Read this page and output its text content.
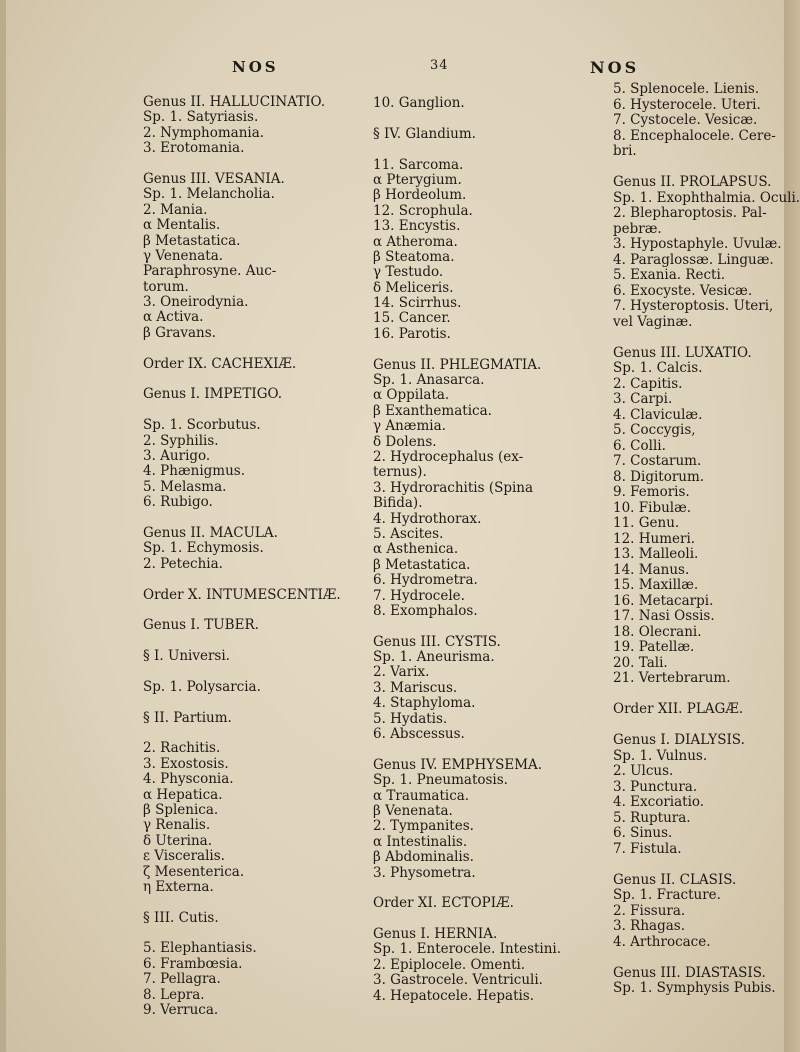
NOS	34	NOS
Genus II. HALLUCINATIO.
Sp. 1. Satyriasis.
2. Nymphomania.
3. Erotomania.
Genus III. VESANIA.
Sp. 1. Melancholia.
2. Mania.
α Mentalis.
β Metastatica.
γ Venenata.
Paraphrosyne. Auc-
torum.
3. Oneirodynia.
α Activa.
β Gravans.
Order IX. CACHEXIÆ.
Genus I. IMPETIGO.
Sp. 1. Scorbutus.
2. Syphilis.
3. Aurigo.
4. Phænigmus.
5. Melasma.
6. Rubigo.
Genus II. MACULA.
Sp. 1. Echymosis.
2. Petechia.
Order X. INTUMESCENTIÆ.
Genus I. TUBER.
§ I. Universi.
Sp. 1. Polysarcia.
§ II. Partium.
2. Rachitis.
3. Exostosis.
4. Physconia.
α Hepatica.
β Splenica.
γ Renalis.
δ Uterina.
ε Visceralis.
ζ Mesenterica.
η Externa.
§ III. Cutis.
5. Elephantiasis.
6. Frambœsia.
7. Pellagra.
8. Lepra.
9. Verruca.
10. Ganglion.
§ IV. Glandium.
11. Sarcoma.
α Pterygium.
β Hordeolum.
12. Scrophula.
13. Encystis.
α Atheroma.
β Steatoma.
γ Testudo.
δ Meliceris.
14. Scirrhus.
15. Cancer.
16. Parotis.
Genus II. PHLEGMATIA.
Sp. 1. Anasarca.
α Oppilata.
β Exanthematica.
γ Anæmia.
δ Dolens.
2. Hydrocephalus (ex-
ternus).
3. Hydrorachitis (Spina
Bifida).
4. Hydrothorax.
5. Ascites.
α Asthenica.
β Metastatica.
6. Hydrometra.
7. Hydrocele.
8. Exomphalos.
Genus III. CYSTIS.
Sp. 1. Aneurisma.
2. Varix.
3. Mariscus.
4. Staphyloma.
5. Hydatis.
6. Abscessus.
Genus IV. EMPHYSEMA.
Sp. 1. Pneumatosis.
α Traumatica.
β Venenata.
2. Tympanites.
α Intestinalis.
β Abdominalis.
3. Physometra.
Order XI. ECTOPIÆ.
Genus I. HERNIA.
Sp. 1. Enterocele. Intestini.
2. Epiplocele. Omenti.
3. Gastrocele. Ventriculi.
4. Hepatocele. Hepatis.
5. Splenocele. Lienis.
6. Hysterocele. Uteri.
7. Cystocele. Vesicæ.
8. Encephalocele. Cere-
bri.
Genus II. PROLAPSUS.
Sp. 1. Exophthalmia. Oculi.
2. Blepharoptosis. Pal-
pebræ.
3. Hypostaphyle. Uvulæ.
4. Paraglossæ. Linguæ.
5. Exania. Recti.
6. Exocyste. Vesicæ.
7. Hysteroptosis. Uteri,
vel Vaginæ.
Genus III. LUXATIO.
Sp. 1. Calcis.
2. Capitis.
3. Carpi.
4. Claviculæ.
5. Coccygis,
6. Colli.
7. Costarum.
8. Digitorum.
9. Femoris.
10. Fibulæ.
11. Genu.
12. Humeri.
13. Malleoli.
14. Manus.
15. Maxillæ.
16. Metacarpi.
17. Nasi Ossis.
18. Olecrani.
19. Patellæ.
20. Tali.
21. Vertebrarum.
Order XII. PLAGÆ.
Genus I. DIALYSIS.
Sp. 1. Vulnus.
2. Ulcus.
3. Punctura.
4. Excoriatio.
5. Ruptura.
6. Sinus.
7. Fistula.
Genus II. CLASIS.
Sp. 1. Fracture.
2. Fissura.
3. Rhagas.
4. Arthrocace.
Genus III. DIASTASIS.
Sp. 1. Symphysis Pubis.
